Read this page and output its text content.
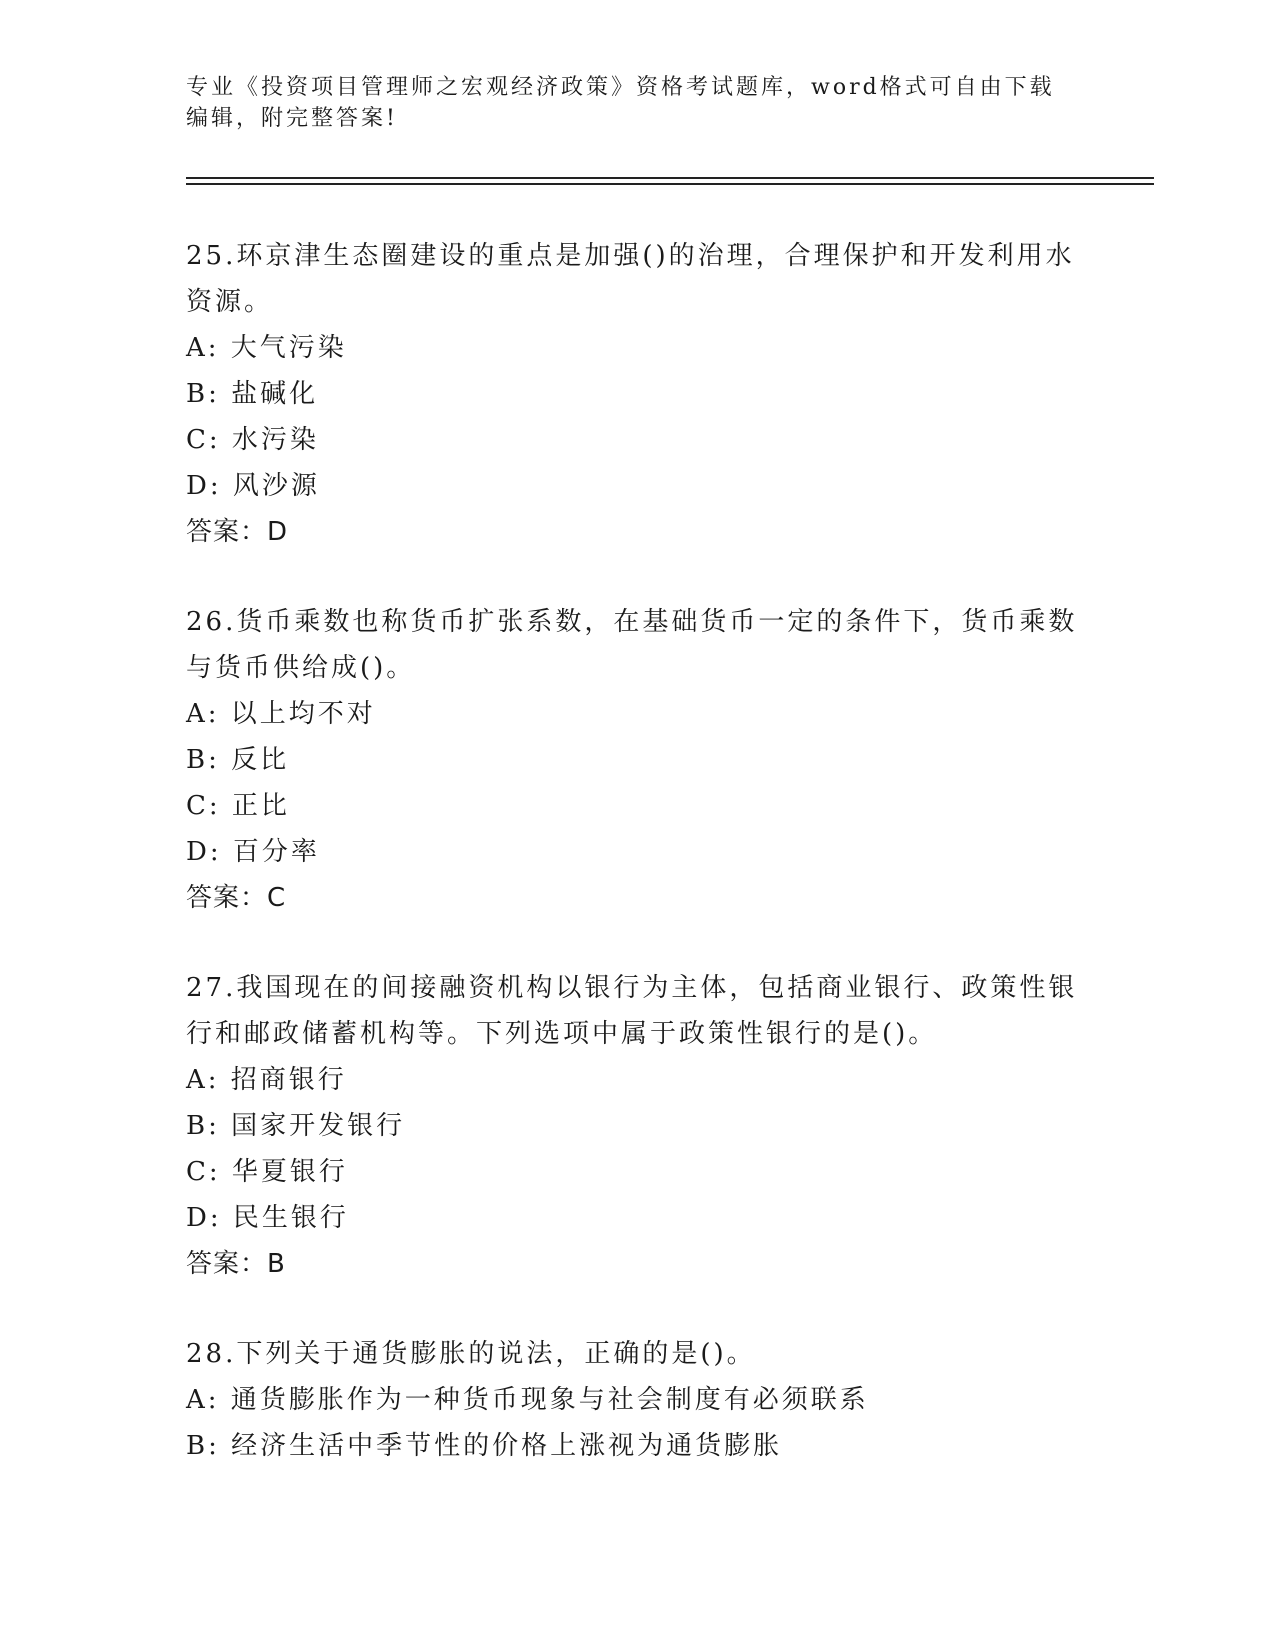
专业《投资项目管理师之宏观经济政策》资格考试题库，word格式可自由下载编辑，附完整答案!

25.环京津生态圈建设的重点是加强()的治理，合理保护和开发利用水资源。

A: 大气污染

B: 盐碱化

C: 水污染

D: 风沙源

答案：D

26.货币乘数也称货币扩张系数，在基础货币一定的条件下，货币乘数与货币供给成()。

A: 以上均不对

B: 反比

C: 正比

D: 百分率

答案：C

27.我国现在的间接融资机构以银行为主体，包括商业银行、政策性银行和邮政储蓄机构等。下列选项中属于政策性银行的是()。

A: 招商银行

B: 国家开发银行

C: 华夏银行

D: 民生银行

答案：B

28.下列关于通货膨胀的说法，正确的是()。

A: 通货膨胀作为一种货币现象与社会制度有必须联系

B: 经济生活中季节性的价格上涨视为通货膨胀
